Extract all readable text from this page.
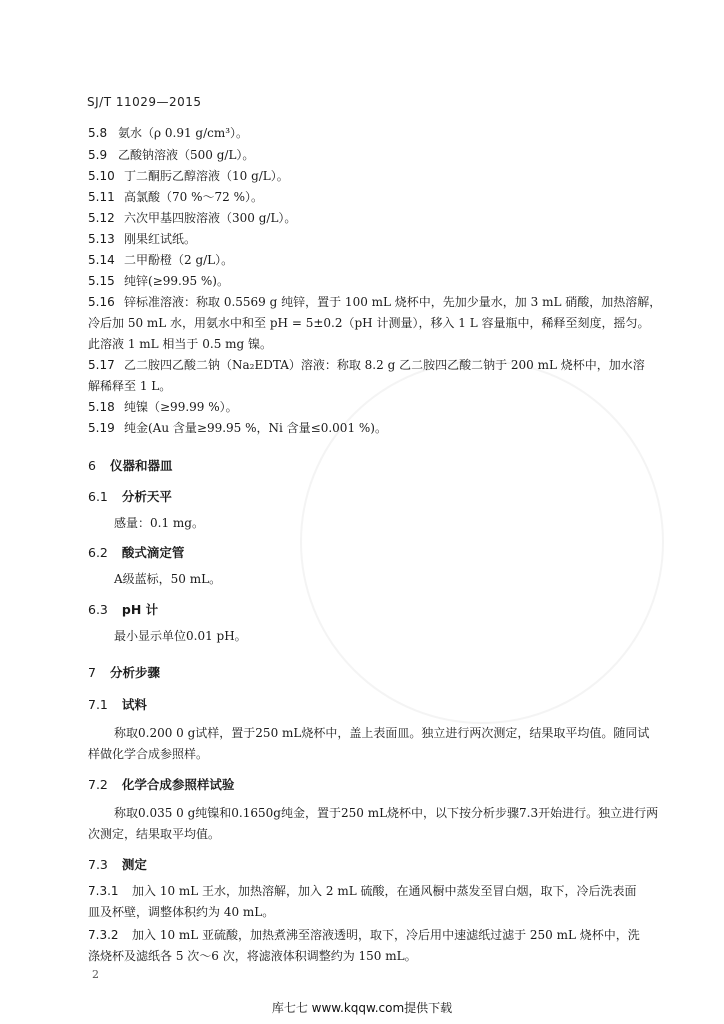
SJ/T 11029—2015
5.8 氨水（ρ 0.91 g/cm³）。
5.9 乙酸钠溶液（500 g/L）。
5.10 丁二酮肟乙醇溶液（10 g/L）。
5.11 高氯酸（70 %～72 %）。
5.12 六次甲基四胺溶液（300 g/L）。
5.13 刚果红试纸。
5.14 二甲酚橙（2 g/L）。
5.15 纯锌(≥99.95 %)。
5.16 锌标准溶液：称取 0.5569 g 纯锌，置于 100 mL 烧杯中，先加少量水，加 3 mL 硝酸，加热溶解，
冷后加 50 mL 水，用氨水中和至 pH = 5±0.2（pH 计测量），移入 1 L 容量瓶中，稀释至刻度，摇匀。
此溶液 1 mL 相当于 0.5 mg 镍。
5.17 乙二胺四乙酸二钠（Na₂EDTA）溶液：称取 8.2 g 乙二胺四乙酸二钠于 200 mL 烧杯中，加水溶
解稀释至 1 L。
5.18 纯镍（≥99.99 %）。
5.19 纯金(Au 含量≥99.95 %，Ni 含量≤0.001 %)。
6 仪器和器皿
6.1 分析天平
感量：0.1 mg。
6.2 酸式滴定管
A级蓝标，50 mL。
6.3 pH 计
最小显示单位0.01 pH。
7 分析步骤
7.1 试料
称取0.200 0 g试样，置于250 mL烧杯中，盖上表面皿。独立进行两次测定，结果取平均值。随同试
样做化学合成参照样。
7.2 化学合成参照样试验
称取0.035 0 g纯镍和0.1650g纯金，置于250 mL烧杯中，以下按分析步骤7.3开始进行。独立进行两
次测定，结果取平均值。
7.3 测定
7.3.1 加入 10 mL 王水，加热溶解，加入 2 mL 硫酸，在通风橱中蒸发至冒白烟，取下，冷后洗表面
皿及杯壁，调整体积约为 40 mL。
7.3.2 加入 10 mL 亚硫酸，加热煮沸至溶液透明，取下，冷后用中速滤纸过滤于 250 mL 烧杯中，洗
涤烧杯及滤纸各 5 次～6 次，将滤液体积调整约为 150 mL。
2
库七七 www.kqqw.com提供下载
